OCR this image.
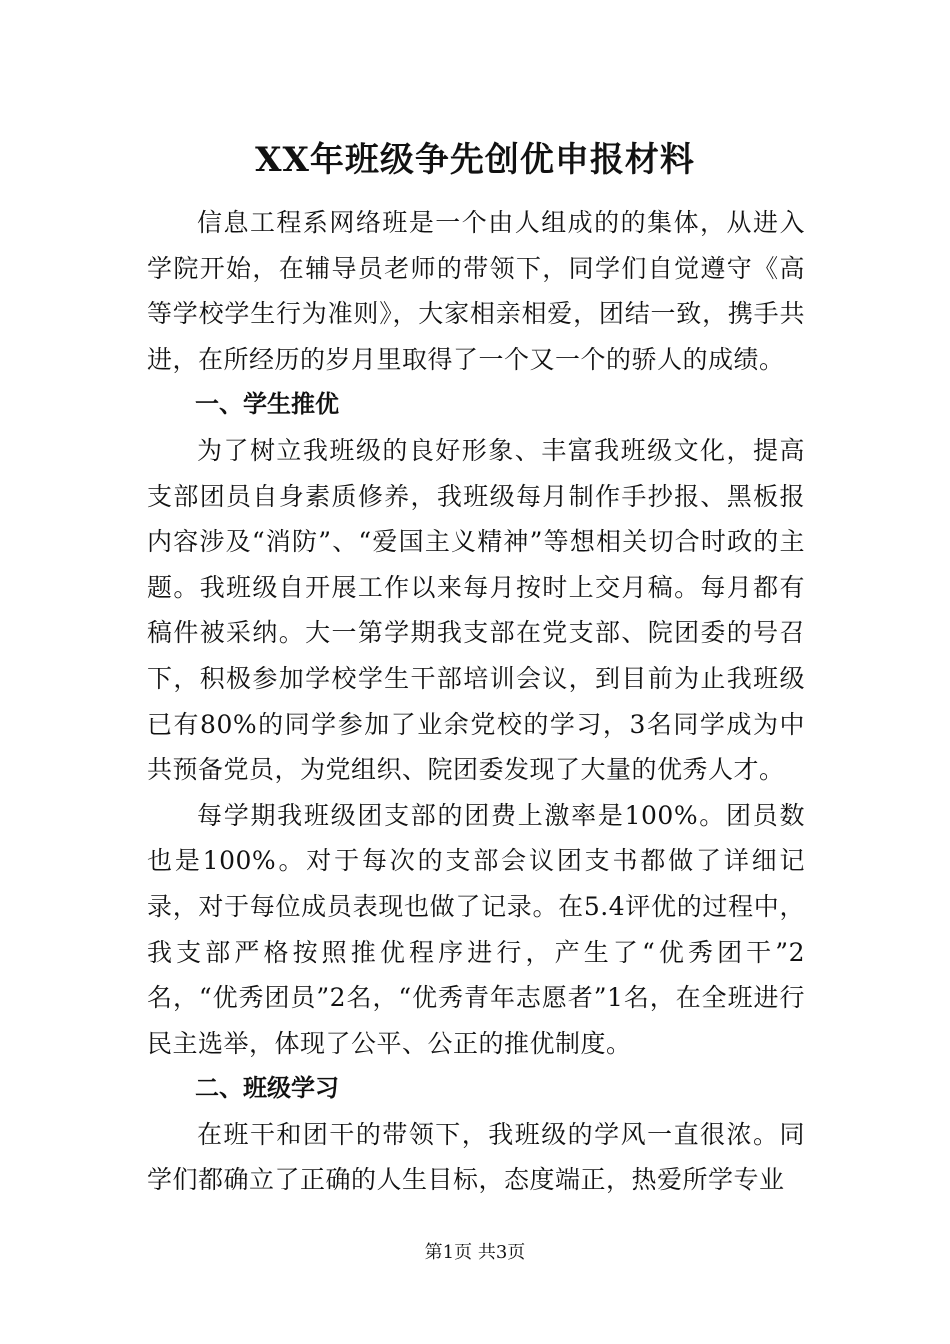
XX年班级争先创优申报材料

信息工程系网络班是一个由人组成的的集体，从进入学院开始，在辅导员老师的带领下，同学们自觉遵守《高等学校学生行为准则》，大家相亲相爱，团结一致，携手共进，在所经历的岁月里取得了一个又一个的骄人的成绩。

一、学生推优

为了树立我班级的良好形象、丰富我班级文化，提高支部团员自身素质修养，我班级每月制作手抄报、黑板报内容涉及“消防”、“爱国主义精神”等想相关切合时政的主题。我班级自开展工作以来每月按时上交月稿。每月都有稿件被采纳。大一第学期我支部在党支部、院团委的号召下，积极参加学校学生干部培训会议，到目前为止我班级已有80%的同学参加了业余党校的学习，3名同学成为中共预备党员，为党组织、院团委发现了大量的优秀人才。

每学期我班级团支部的团费上激率是100%。团员数也是100%。对于每次的支部会议团支书都做了详细记录，对于每位成员表现也做了记录。在5.4评优的过程中，我支部严格按照推优程序进行，产生了“优秀团干”2名，“优秀团员”2名，“优秀青年志愿者”1名，在全班进行民主选举，体现了公平、公正的推优制度。

二、班级学习

在班干和团干的带领下，我班级的学风一直很浓。同学们都确立了正确的人生目标，态度端正，热爱所学专业

第1页 共3页
